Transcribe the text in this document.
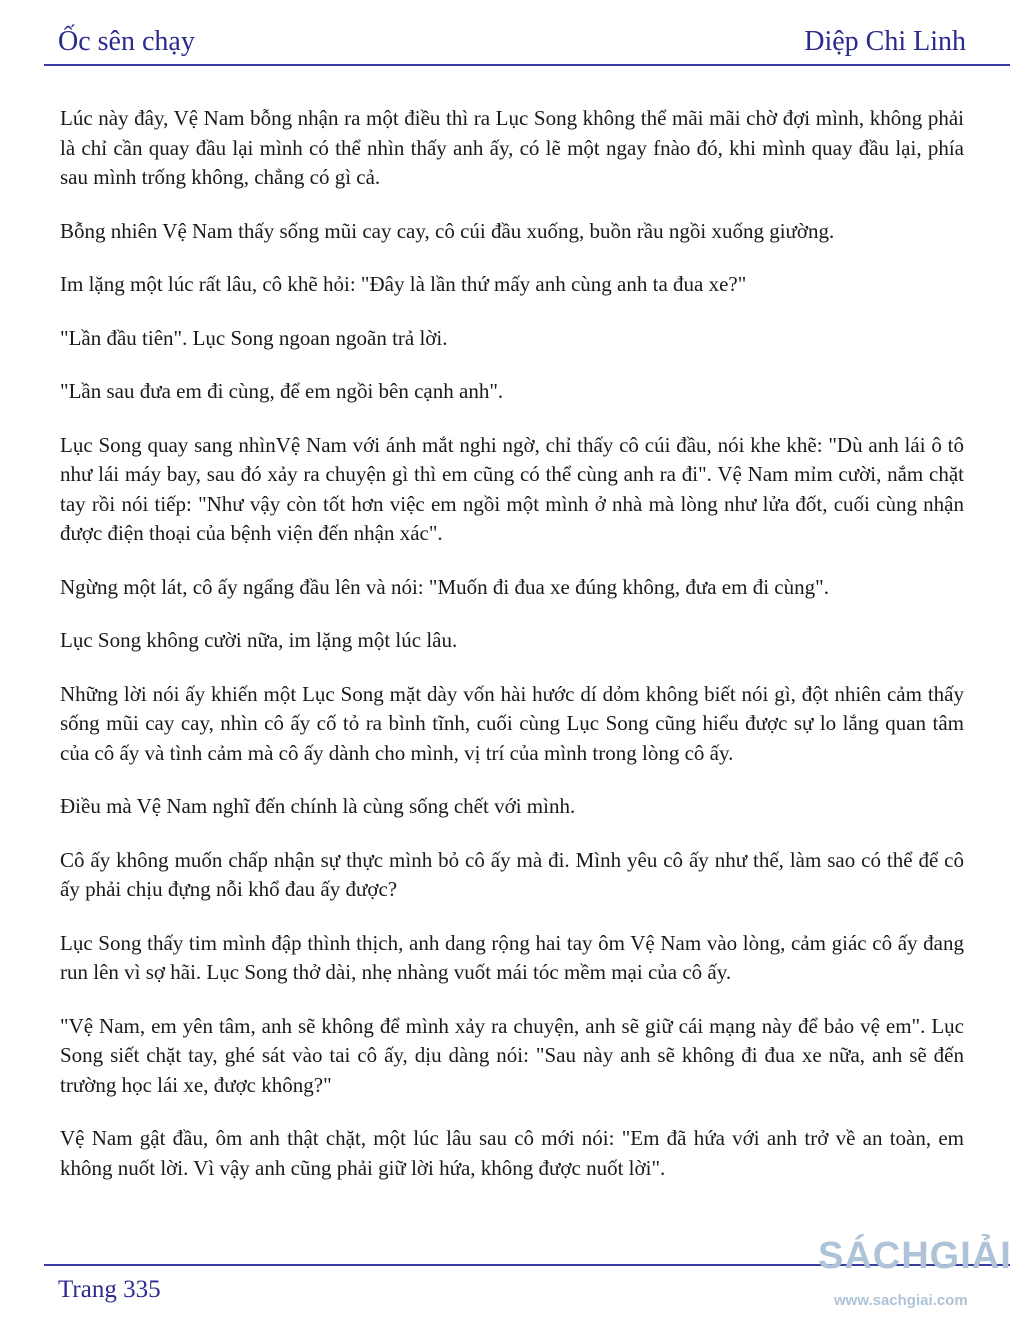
Ốc sên chạy	Diệp Chi Linh

Lúc này đây, Vệ Nam bỗng nhận ra một điều thì ra Lục Song không thể mãi mãi chờ đợi mình, không phải là chỉ cần quay đầu lại mình có thể nhìn thấy anh ấy, có lẽ một ngay fnào đó, khi mình quay đầu lại, phía sau mình trống không, chẳng có gì cả.

Bỗng nhiên Vệ Nam thấy sống mũi cay cay, cô cúi đầu xuống, buồn rầu ngồi xuống giường.

Im lặng một lúc rất lâu, cô khẽ hỏi: "Đây là lần thứ mấy anh cùng anh ta đua xe?"

"Lần đầu tiên". Lục Song ngoan ngoãn trả lời.

"Lần sau đưa em đi cùng, để em ngồi bên cạnh anh".

Lục Song quay sang nhìnVệ Nam với ánh mắt nghi ngờ, chỉ thấy cô cúi đầu, nói khe khẽ: "Dù anh lái ô tô như lái máy bay, sau đó xảy ra chuyện gì thì em cũng có thể cùng anh ra đi". Vệ Nam mỉm cười, nắm chặt tay rồi nói tiếp: "Như vậy còn tốt hơn việc em ngồi một mình ở nhà mà lòng như lửa đốt, cuối cùng nhận được điện thoại của bệnh viện đến nhận xác".

Ngừng một lát, cô ấy ngẩng đầu lên và nói: "Muốn đi đua xe đúng không, đưa em đi cùng".

Lục Song không cười nữa, im lặng một lúc lâu.

Những lời nói ấy khiến một Lục Song mặt dày vốn hài hước dí dỏm không biết nói gì, đột nhiên cảm thấy sống mũi cay cay, nhìn cô ấy cố tỏ ra bình tĩnh, cuối cùng Lục Song cũng hiểu được sự lo lắng quan tâm của cô ấy và tình cảm mà cô ấy dành cho mình, vị trí của mình trong lòng cô ấy.

Điều mà Vệ Nam nghĩ đến chính là cùng sống chết với mình.

Cô ấy không muốn chấp nhận sự thực mình bỏ cô ấy mà đi. Mình yêu cô ấy như thế, làm sao có thể để cô ấy phải chịu đựng nỗi khổ đau ấy được?

Lục Song thấy tim mình đập thình thịch, anh dang rộng hai tay ôm Vệ Nam vào lòng, cảm giác cô ấy đang run lên vì sợ hãi. Lục Song thở dài, nhẹ nhàng vuốt mái tóc mềm mại của cô ấy.

"Vệ Nam, em yên tâm, anh sẽ không để mình xảy ra chuyện, anh sẽ giữ cái mạng này để bảo vệ em". Lục Song siết chặt tay, ghé sát vào tai cô ấy, dịu dàng nói: "Sau này anh sẽ không đi đua xe nữa, anh sẽ đến trường học lái xe, được không?"

Vệ Nam gật đầu, ôm anh thật chặt, một lúc lâu sau cô mới nói: "Em đã hứa với anh trở về an toàn, em không nuốt lời. Vì vậy anh cũng phải giữ lời hứa, không được nuốt lời".

Trang 335
SÁCHGIẢI
www.sachgiai.com
